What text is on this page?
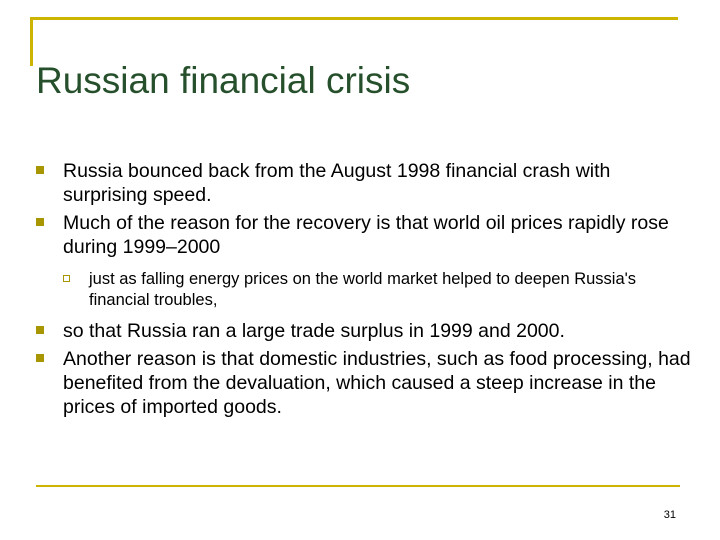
Russian financial crisis
Russia bounced back from the August 1998 financial crash with surprising speed.
Much of the reason for the recovery is that world oil prices rapidly rose during 1999–2000
just as falling energy prices on the world market helped to deepen Russia's financial troubles,
so that Russia ran a large trade surplus in 1999 and 2000.
Another reason is that domestic industries, such as food processing, had benefited from the devaluation, which caused a steep increase in the prices of imported goods.
31
